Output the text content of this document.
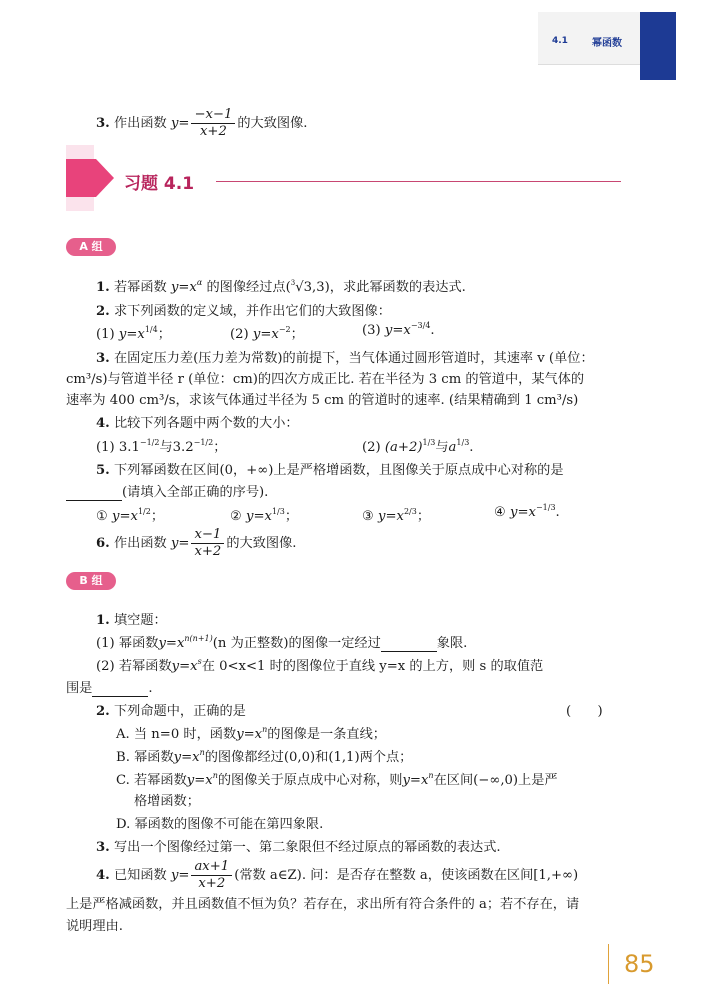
4.1 幂函数
3. 作出函数 $y= \frac{-x-1}{x+2}$ 的大致图像.
习题 4.1
A 组
1. 若幂函数 $y=x^\alpha$ 的图像经过点($^3$√3,3)，求此幂函数的表达式.
2. 求下列函数的定义域，并作出它们的大致图像：
(1) $y=x^{1/4}$；	(2) $y=x^{-2}$；	(3) $y=x^{-3/4}$.
3. 在固定压力差(压力差为常数)的前提下，当气体通过圆形管道时，其速率 v (单位：
cm³/s)与管道半径 r (单位：cm)的四次方成正比. 若在半径为 3 cm 的管道中，某气体的
速率为 400 cm³/s，求该气体通过半径为 5 cm 的管道时的速率. (结果精确到 1 cm³/s)
4. 比较下列各题中两个数的大小：
(1) $3.1^{-1/2}$与$3.2^{-1/2}$；	(2) $(a+2)^{1/3}$与$a^{1/3}$.
5. 下列幂函数在区间(0，+∞)上是严格增函数，且图像关于原点成中心对称的是
(请填入全部正确的序号).
① $y=x^{1/2}$；	② $y=x^{1/3}$；	③ $y=x^{2/3}$；	④ $y=x^{-1/3}$.
6. 作出函数 $y= \frac{x-1}{x+2}$ 的大致图像.
B 组
1. 填空题：
(1) 幂函数$y=x^{n(n+1)}(n$ 为正整数)的图像一定经过	象限.
(2) 若幂函数$y=x^s$在 0<x<1 时的图像位于直线 y=x 的上方，则 s 的取值范
围是	.
2. 下列命题中，正确的是	(　　)
A. 当 n=0 时，函数$y=x^n$的图像是一条直线；
B. 幂函数$y=x^n$的图像都经过(0,0)和(1,1)两个点；
C. 若幂函数$y=x^n$的图像关于原点成中心对称，则$y=x^n$在区间(−∞,0)上是严
格增函数；
D. 幂函数的图像不可能在第四象限.
3. 写出一个图像经过第一、第二象限但不经过原点的幂函数的表达式.
4. 已知函数 $y= \frac{ax+1}{x+2}$ (常数 a∈Z). 问：是否存在整数 a，使该函数在区间[1,+∞)
上是严格减函数，并且函数值不恒为负？若存在，求出所有符合条件的 a；若不存在，请
说明理由.
85
